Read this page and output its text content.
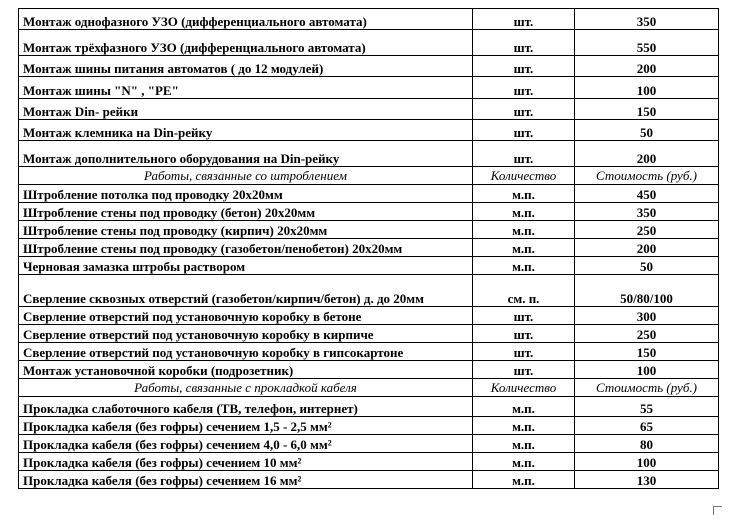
Монтаж однофазного УЗО (дифференциального автомата)	шт.	350
Монтаж трёхфазного УЗО (дифференциального автомата)	шт.	550
Монтаж шины питания автоматов ( до 12 модулей)	шт.	200
Монтаж шины "N" , "PE"	шт.	100
Монтаж Din- рейки	шт.	150
Монтаж клемника на Din-рейку	шт.	50
Монтаж дополнительного оборудования на Din-рейку	шт.	200
Работы, связанные со штроблением	Количество	Стоимость (руб.)
Штробление потолка под проводку 20x20мм	м.п.	450
Штробление стены под проводку (бетон) 20x20мм	м.п.	350
Штробление стены под проводку (кирпич) 20x20мм	м.п.	250
Штробление стены под проводку (газобетон/пенобетон) 20x20мм	м.п.	200
Черновая замазка штробы раствором	м.п.	50
Сверление сквозных отверстий (газобетон/кирпич/бетон) д. до 20мм	см. п.	50/80/100
Сверление отверстий под установочную коробку в бетоне	шт.	300
Сверление отверстий под установочную коробку в кирпиче	шт.	250
Сверление отверстий под установочную коробку в гипсокартоне	шт.	150
Монтаж установочной коробки (подрозетник)	шт.	100
Работы, связанные с прокладкой кабеля	Количество	Стоимость (руб.)
Прокладка слаботочного кабеля (ТВ, телефон, интернет)	м.п.	55
Прокладка кабеля (без гофры) сечением 1,5 - 2,5 мм²	м.п.	65
Прокладка кабеля (без гофры) сечением 4,0 - 6,0 мм²	м.п.	80
Прокладка кабеля (без гофры) сечением 10 мм²	м.п.	100
Прокладка кабеля (без гофры) сечением 16 мм²	м.п.	130
